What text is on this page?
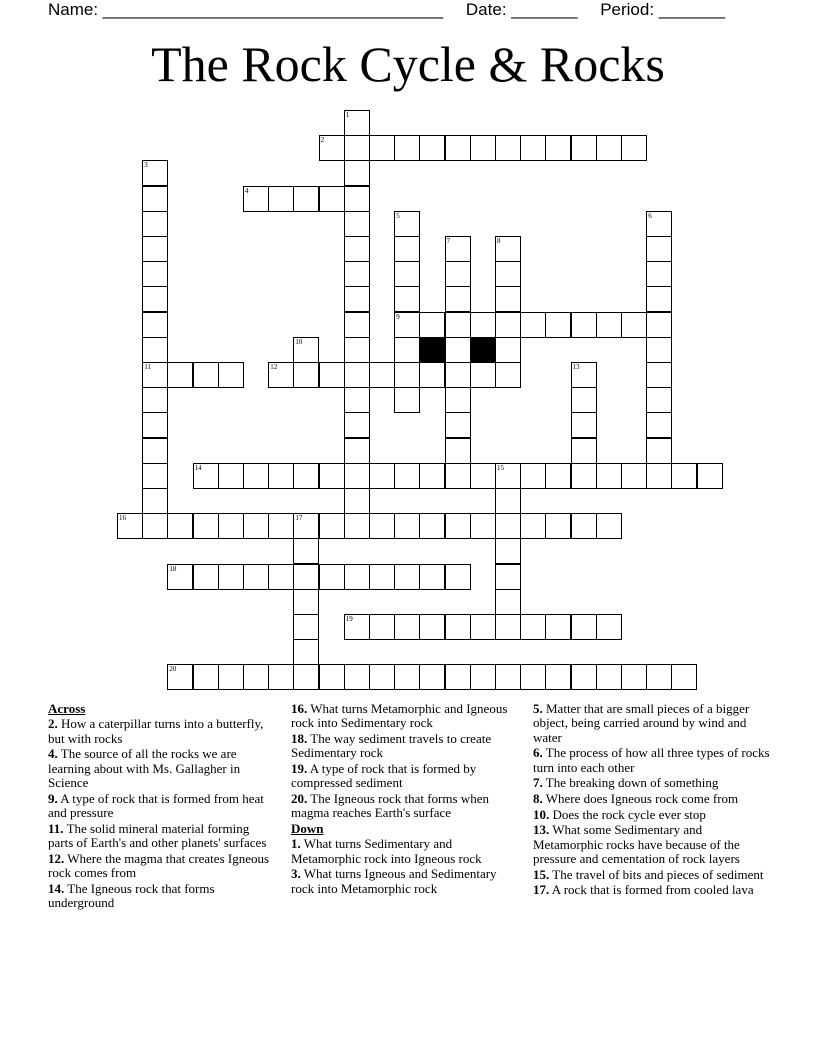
Name: ____________________________________ Date: _______ Period: _______
The Rock Cycle & Rocks
2
4
9
11	12
14	15
16	17
18
19
20
1
3
5	6
7	8
10
13
Across
2. How a caterpillar turns into a butterfly, but with rocks
4. The source of all the rocks we are learning about with Ms. Gallagher in Science
9. A type of rock that is formed from heat and pressure
11. The solid mineral material forming parts of Earth's and other planets' surfaces
12. Where the magma that creates Igneous rock comes from
14. The Igneous rock that forms underground
16. What turns Metamorphic and Igneous rock into Sedimentary rock
18. The way sediment travels to create Sedimentary rock
19. A type of rock that is formed by compressed sediment
20. The Igneous rock that forms when magma reaches Earth's surface
Down
1. What turns Sedimentary and Metamorphic rock into Igneous rock
3. What turns Igneous and Sedimentary rock into Metamorphic rock
5. Matter that are small pieces of a bigger object, being carried around by wind and water
6. The process of how all three types of rocks turn into each other
7. The breaking down of something
8. Where does Igneous rock come from
10. Does the rock cycle ever stop
13. What some Sedimentary and Metamorphic rocks have because of the pressure and cementation of rock layers
15. The travel of bits and pieces of sediment
17. A rock that is formed from cooled lava
